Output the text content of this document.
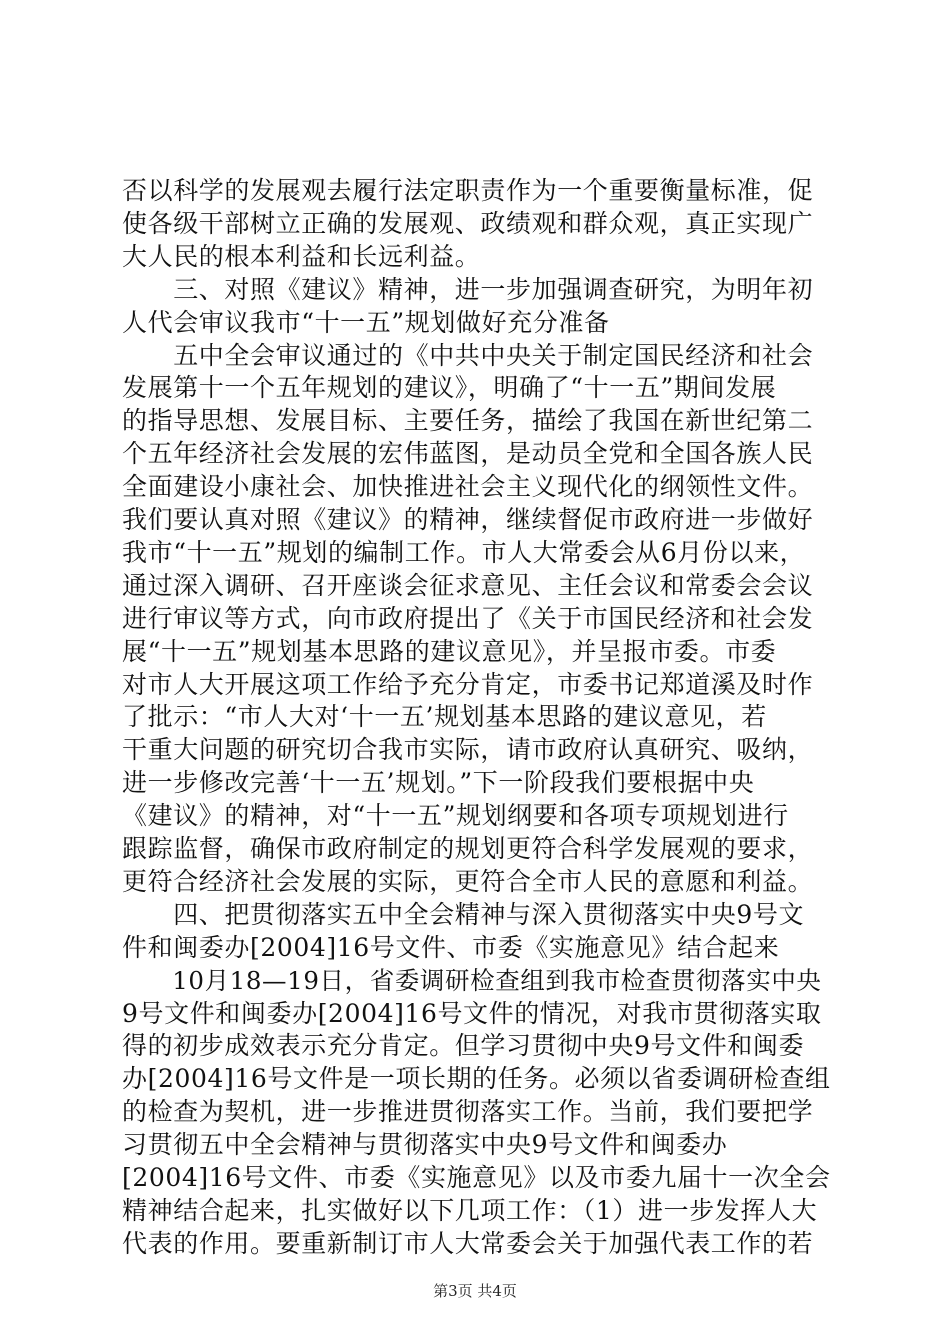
否以科学的发展观去履行法定职责作为一个重要衡量标准，促
使各级干部树立正确的发展观、政绩观和群众观，真正实现广
大人民的根本利益和长远利益。
　　三、对照《建议》精神，进一步加强调查研究，为明年初
人代会审议我市“十一五”规划做好充分准备
　　五中全会审议通过的《中共中央关于制定国民经济和社会
发展第十一个五年规划的建议》，明确了“十一五”期间发展
的指导思想、发展目标、主要任务，描绘了我国在新世纪第二
个五年经济社会发展的宏伟蓝图，是动员全党和全国各族人民
全面建设小康社会、加快推进社会主义现代化的纲领性文件。
我们要认真对照《建议》的精神，继续督促市政府进一步做好
我市“十一五”规划的编制工作。市人大常委会从6月份以来，
通过深入调研、召开座谈会征求意见、主任会议和常委会会议
进行审议等方式，向市政府提出了《关于市国民经济和社会发
展“十一五”规划基本思路的建议意见》，并呈报市委。市委
对市人大开展这项工作给予充分肯定，市委书记郑道溪及时作
了批示：“市人大对‘十一五’规划基本思路的建议意见，若
干重大问题的研究切合我市实际，请市政府认真研究、吸纳，
进一步修改完善‘十一五’规划。”下一阶段我们要根据中央
《建议》的精神，对“十一五”规划纲要和各项专项规划进行
跟踪监督，确保市政府制定的规划更符合科学发展观的要求，
更符合经济社会发展的实际，更符合全市人民的意愿和利益。
　　四、把贯彻落实五中全会精神与深入贯彻落实中央9号文
件和闽委办[2004]16号文件、市委《实施意见》结合起来
　　10月18—19日，省委调研检查组到我市检查贯彻落实中央
9号文件和闽委办[2004]16号文件的情况，对我市贯彻落实取
得的初步成效表示充分肯定。但学习贯彻中央9号文件和闽委
办[2004]16号文件是一项长期的任务。必须以省委调研检查组
的检查为契机，进一步推进贯彻落实工作。当前，我们要把学
习贯彻五中全会精神与贯彻落实中央9号文件和闽委办
[2004]16号文件、市委《实施意见》以及市委九届十一次全会
精神结合起来，扎实做好以下几项工作：（1）进一步发挥人大
代表的作用。要重新制订市人大常委会关于加强代表工作的若
第3页 共4页
